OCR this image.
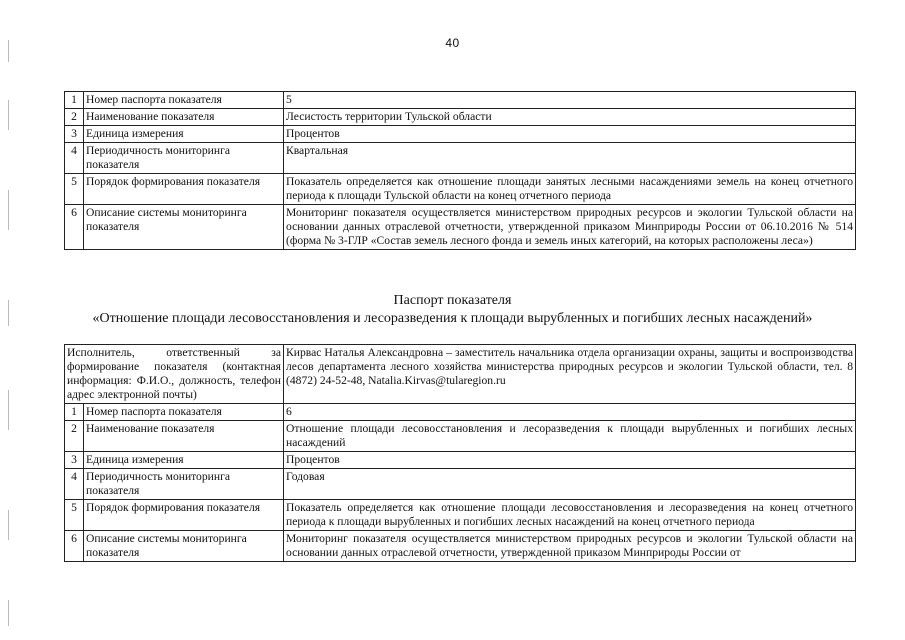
40
1	Номер паспорта показателя	5
2	Наименование показателя	Лесистость территории Тульской области
3	Единица измерения	Процентов
4	Периодичность мониторинга показателя	Квартальная
5	Порядок формирования показателя	Показатель определяется как отношение площади занятых лесными насаждениями земель на конец отчетного периода к площади Тульской области на конец отчетного периода
6	Описание системы мониторинга показателя	Мониторинг показателя осуществляется министерством природных ресурсов и экологии Тульской области на основании данных отраслевой отчетности, утвержденной приказом Минприроды России от 06.10.2016 № 514 (форма № 3-ГЛР «Состав земель лесного фонда и земель иных категорий, на которых расположены леса»)
Паспорт показателя
«Отношение площади лесовосстановления и лесоразведения к площади вырубленных и погибших лесных насаждений»
Исполнитель, ответственный за формирование показателя (контактная информация: Ф.И.О., должность, телефон адрес электронной почты)		Кирвас Наталья Александровна – заместитель начальника отдела организации охраны, защиты и воспроизводства лесов департамента лесного хозяйства министерства природных ресурсов и экологии Тульской области, тел. 8 (4872) 24-52-48, Natalia.Kirvas@tularegion.ru
1	Номер паспорта показателя	6
2	Наименование показателя	Отношение площади лесовосстановления и лесоразведения к площади вырубленных и погибших лесных насаждений
3	Единица измерения	Процентов
4	Периодичность мониторинга показателя	Годовая
5	Порядок формирования показателя	Показатель определяется как отношение площади лесовосстановления и лесоразведения на конец отчетного периода к площади вырубленных и погибших лесных насаждений на конец отчетного периода
6	Описание системы мониторинга показателя	Мониторинг показателя осуществляется министерством природных ресурсов и экологии Тульской области на основании данных отраслевой отчетности, утвержденной приказом Минприроды России от
